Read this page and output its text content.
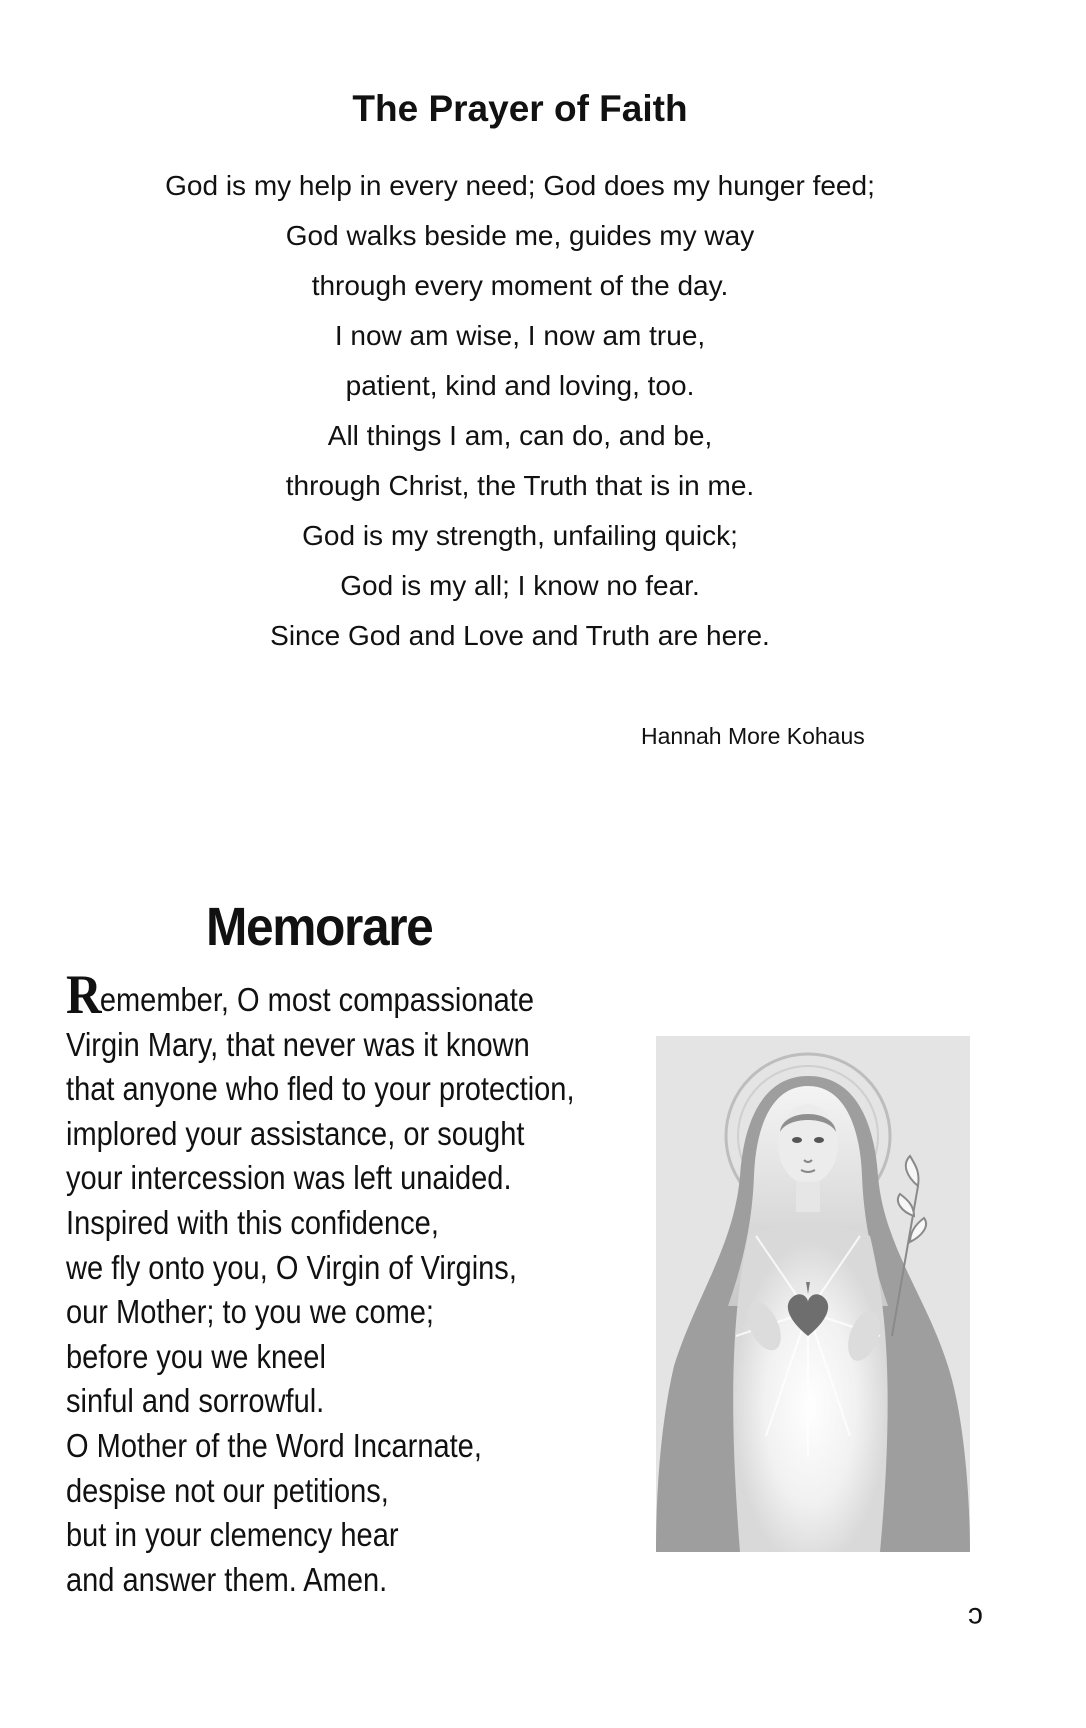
The Prayer of Faith
God is my help in every need; God does my hunger feed;
God walks beside me, guides my way
through every moment of the day.
I now am wise, I now am true,
patient, kind and loving, too.
All things I am, can do, and be,
through Christ, the Truth that is in me.
God is my strength, unfailing quick;
God is my all; I know no fear.
Since God and Love and Truth are here.
Hannah More Kohaus
Memorare
Remember, O most compassionate
Virgin Mary, that never was it known
that anyone who fled to your protection,
implored your assistance, or sought
your intercession was left unaided.
Inspired with this confidence,
we fly onto you, O Virgin of Virgins,
our Mother; to you we come;
before you we kneel
sinful and sorrowful.
O Mother of the Word Incarnate,
despise not our petitions,
but in your clemency hear
and answer them. Amen.
c
